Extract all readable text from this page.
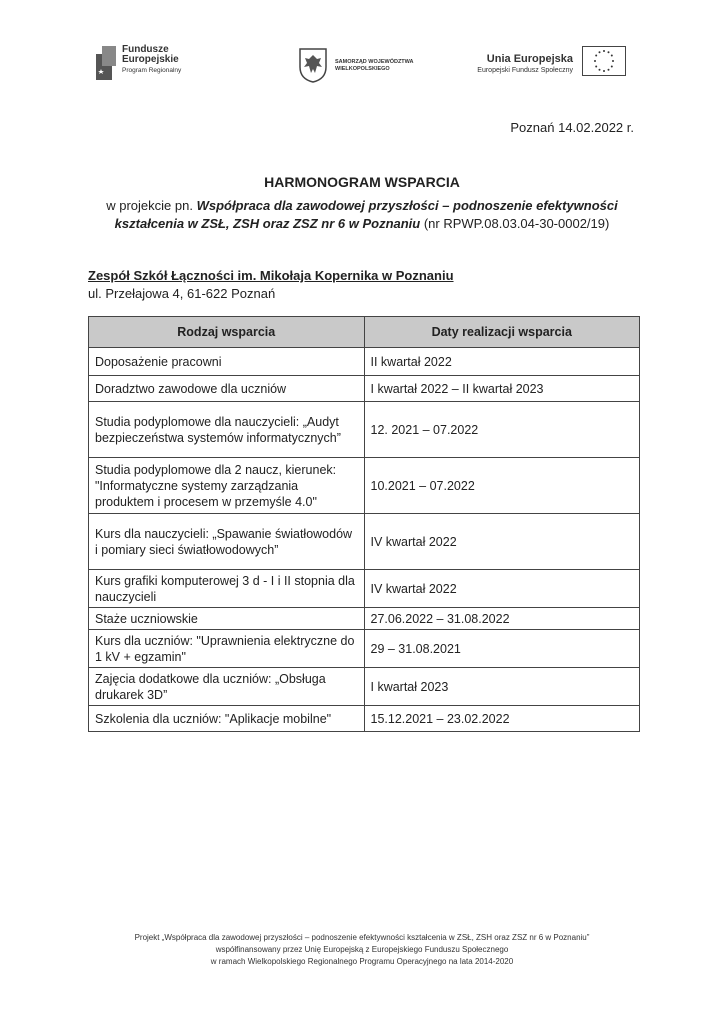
Fundusze
Europejskie
Program Regionalny
SAMORZĄD WOJEWÓDZTWA
WIELKOPOLSKIEGO
Unia Europejska
Europejski Fundusz Społeczny
Poznań 14.02.2022 r.
HARMONOGRAM WSPARCIA
w projekcie pn. Współpraca dla zawodowej przyszłości – podnoszenie efektywności
kształcenia w ZSŁ, ZSH oraz ZSZ nr 6 w Poznaniu (nr RPWP.08.03.04-30-0002/19)
Zespół Szkół Łączności im. Mikołaja Kopernika w Poznaniu
ul. Przełajowa 4, 61-622 Poznań
Rodzaj wsparcia	Daty realizacji wsparcia
Doposażenie pracowni	II kwartał 2022
Doradztwo zawodowe dla uczniów	I kwartał 2022 – II kwartał 2023
Studia podyplomowe dla nauczycieli: „Audyt bezpieczeństwa systemów informatycznych”	12. 2021 – 07.2022
Studia podyplomowe dla 2 naucz, kierunek: "Informatyczne systemy zarządzania produktem i procesem w przemyśle 4.0"	10.2021 – 07.2022
Kurs dla nauczycieli: „Spawanie światłowodów i pomiary sieci światłowodowych”	IV kwartał 2022
Kurs grafiki komputerowej 3 d - I i II stopnia dla nauczycieli	IV kwartał 2022
Staże uczniowskie	27.06.2022 – 31.08.2022
Kurs dla uczniów: "Uprawnienia elektryczne do 1 kV + egzamin"	29 – 31.08.2021
Zajęcia dodatkowe dla uczniów: „Obsługa drukarek 3D”	I kwartał 2023
Szkolenia dla uczniów: "Aplikacje mobilne"	15.12.2021 – 23.02.2022
Projekt „Współpraca dla zawodowej przyszłości – podnoszenie efektywności kształcenia w ZSŁ, ZSH oraz ZSZ nr 6 w Poznaniu”
współfinansowany przez Unię Europejską z Europejskiego Funduszu Społecznego
w ramach Wielkopolskiego Regionalnego Programu Operacyjnego na lata 2014-2020
